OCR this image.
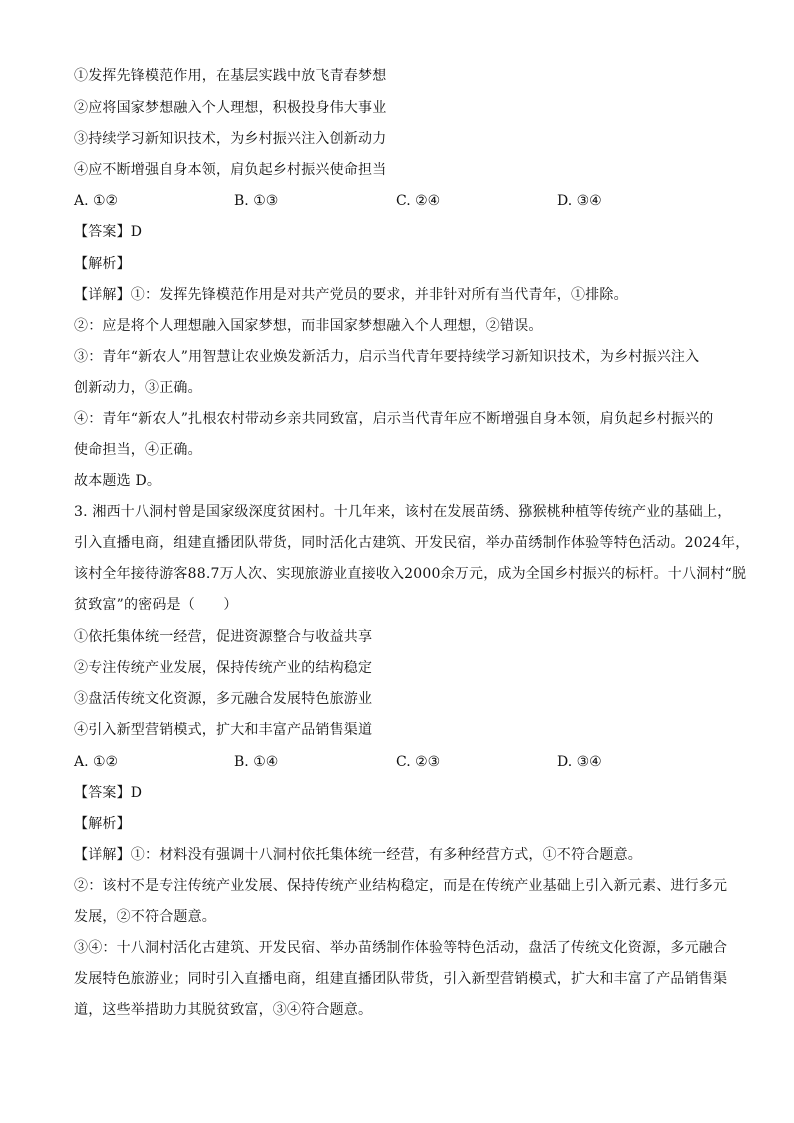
①发挥先锋模范作用，在基层实践中放飞青春梦想
②应将国家梦想融入个人理想，积极投身伟大事业
③持续学习新知识技术，为乡村振兴注入创新动力
④应不断增强自身本领，肩负起乡村振兴使命担当
A. ①②	B. ①③	C. ②④	D. ③④
【答案】D
【解析】
【详解】①：发挥先锋模范作用是对共产党员的要求，并非针对所有当代青年，①排除。
②：应是将个人理想融入国家梦想，而非国家梦想融入个人理想，②错误。
③：青年“新农人”用智慧让农业焕发新活力，启示当代青年要持续学习新知识技术，为乡村振兴注入
创新动力，③正确。
④：青年“新农人”扎根农村带动乡亲共同致富，启示当代青年应不断增强自身本领，肩负起乡村振兴的
使命担当，④正确。
故本题选 D。
3. 湘西十八洞村曾是国家级深度贫困村。十几年来，该村在发展苗绣、猕猴桃种植等传统产业的基础上，
引入直播电商，组建直播团队带货，同时活化古建筑、开发民宿，举办苗绣制作体验等特色活动。2024年，
该村全年接待游客88.7万人次、实现旅游业直接收入2000余万元，成为全国乡村振兴的标杆。十八洞村“脱
贫致富”的密码是（　　）
①依托集体统一经营，促进资源整合与收益共享
②专注传统产业发展，保持传统产业的结构稳定
③盘活传统文化资源，多元融合发展特色旅游业
④引入新型营销模式，扩大和丰富产品销售渠道
A. ①②	B. ①④	C. ②③	D. ③④
【答案】D
【解析】
【详解】①：材料没有强调十八洞村依托集体统一经营，有多种经营方式，①不符合题意。
②：该村不是专注传统产业发展、保持传统产业结构稳定，而是在传统产业基础上引入新元素、进行多元
发展，②不符合题意。
③④：十八洞村活化古建筑、开发民宿、举办苗绣制作体验等特色活动，盘活了传统文化资源，多元融合
发展特色旅游业；同时引入直播电商，组建直播团队带货，引入新型营销模式，扩大和丰富了产品销售渠
道，这些举措助力其脱贫致富，③④符合题意。
